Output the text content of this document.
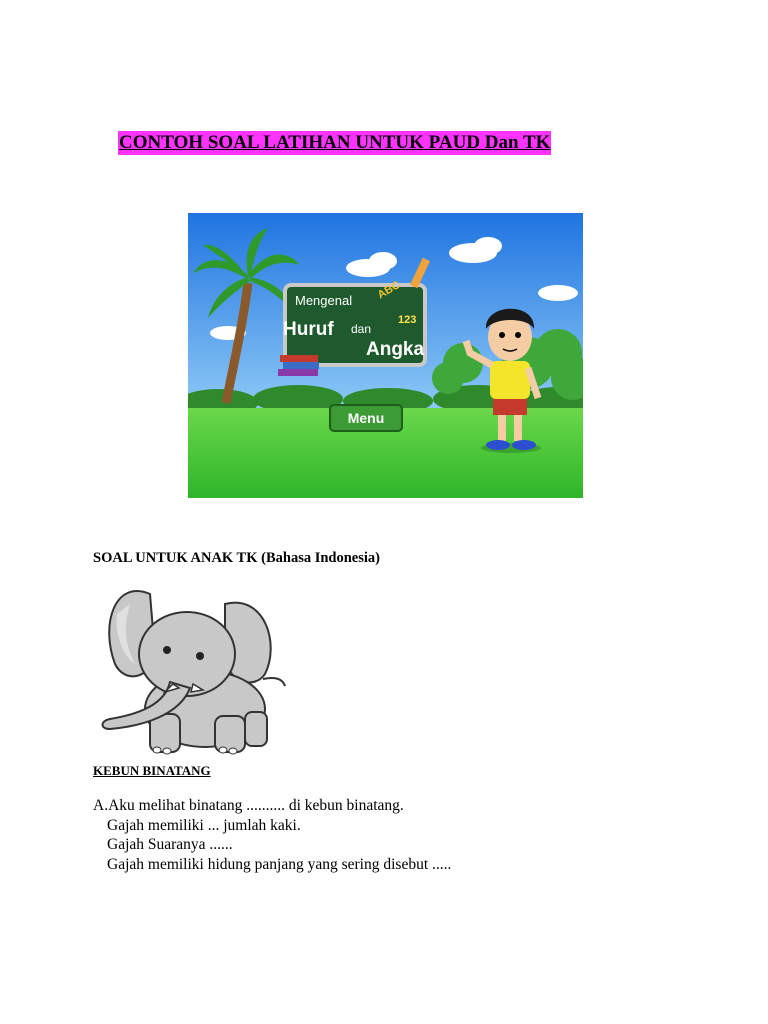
CONTOH SOAL LATIHAN UNTUK PAUD Dan TK
Mengenal
Huruf dan
Angka
ABC
123
Menu
SOAL UNTUK ANAK TK (Bahasa Indonesia)
KEBUN BINATANG
A.Aku melihat binatang .......... di kebun binatang.
Gajah memiliki ... jumlah kaki.
Gajah Suaranya ......
Gajah memiliki hidung panjang yang sering disebut .....
